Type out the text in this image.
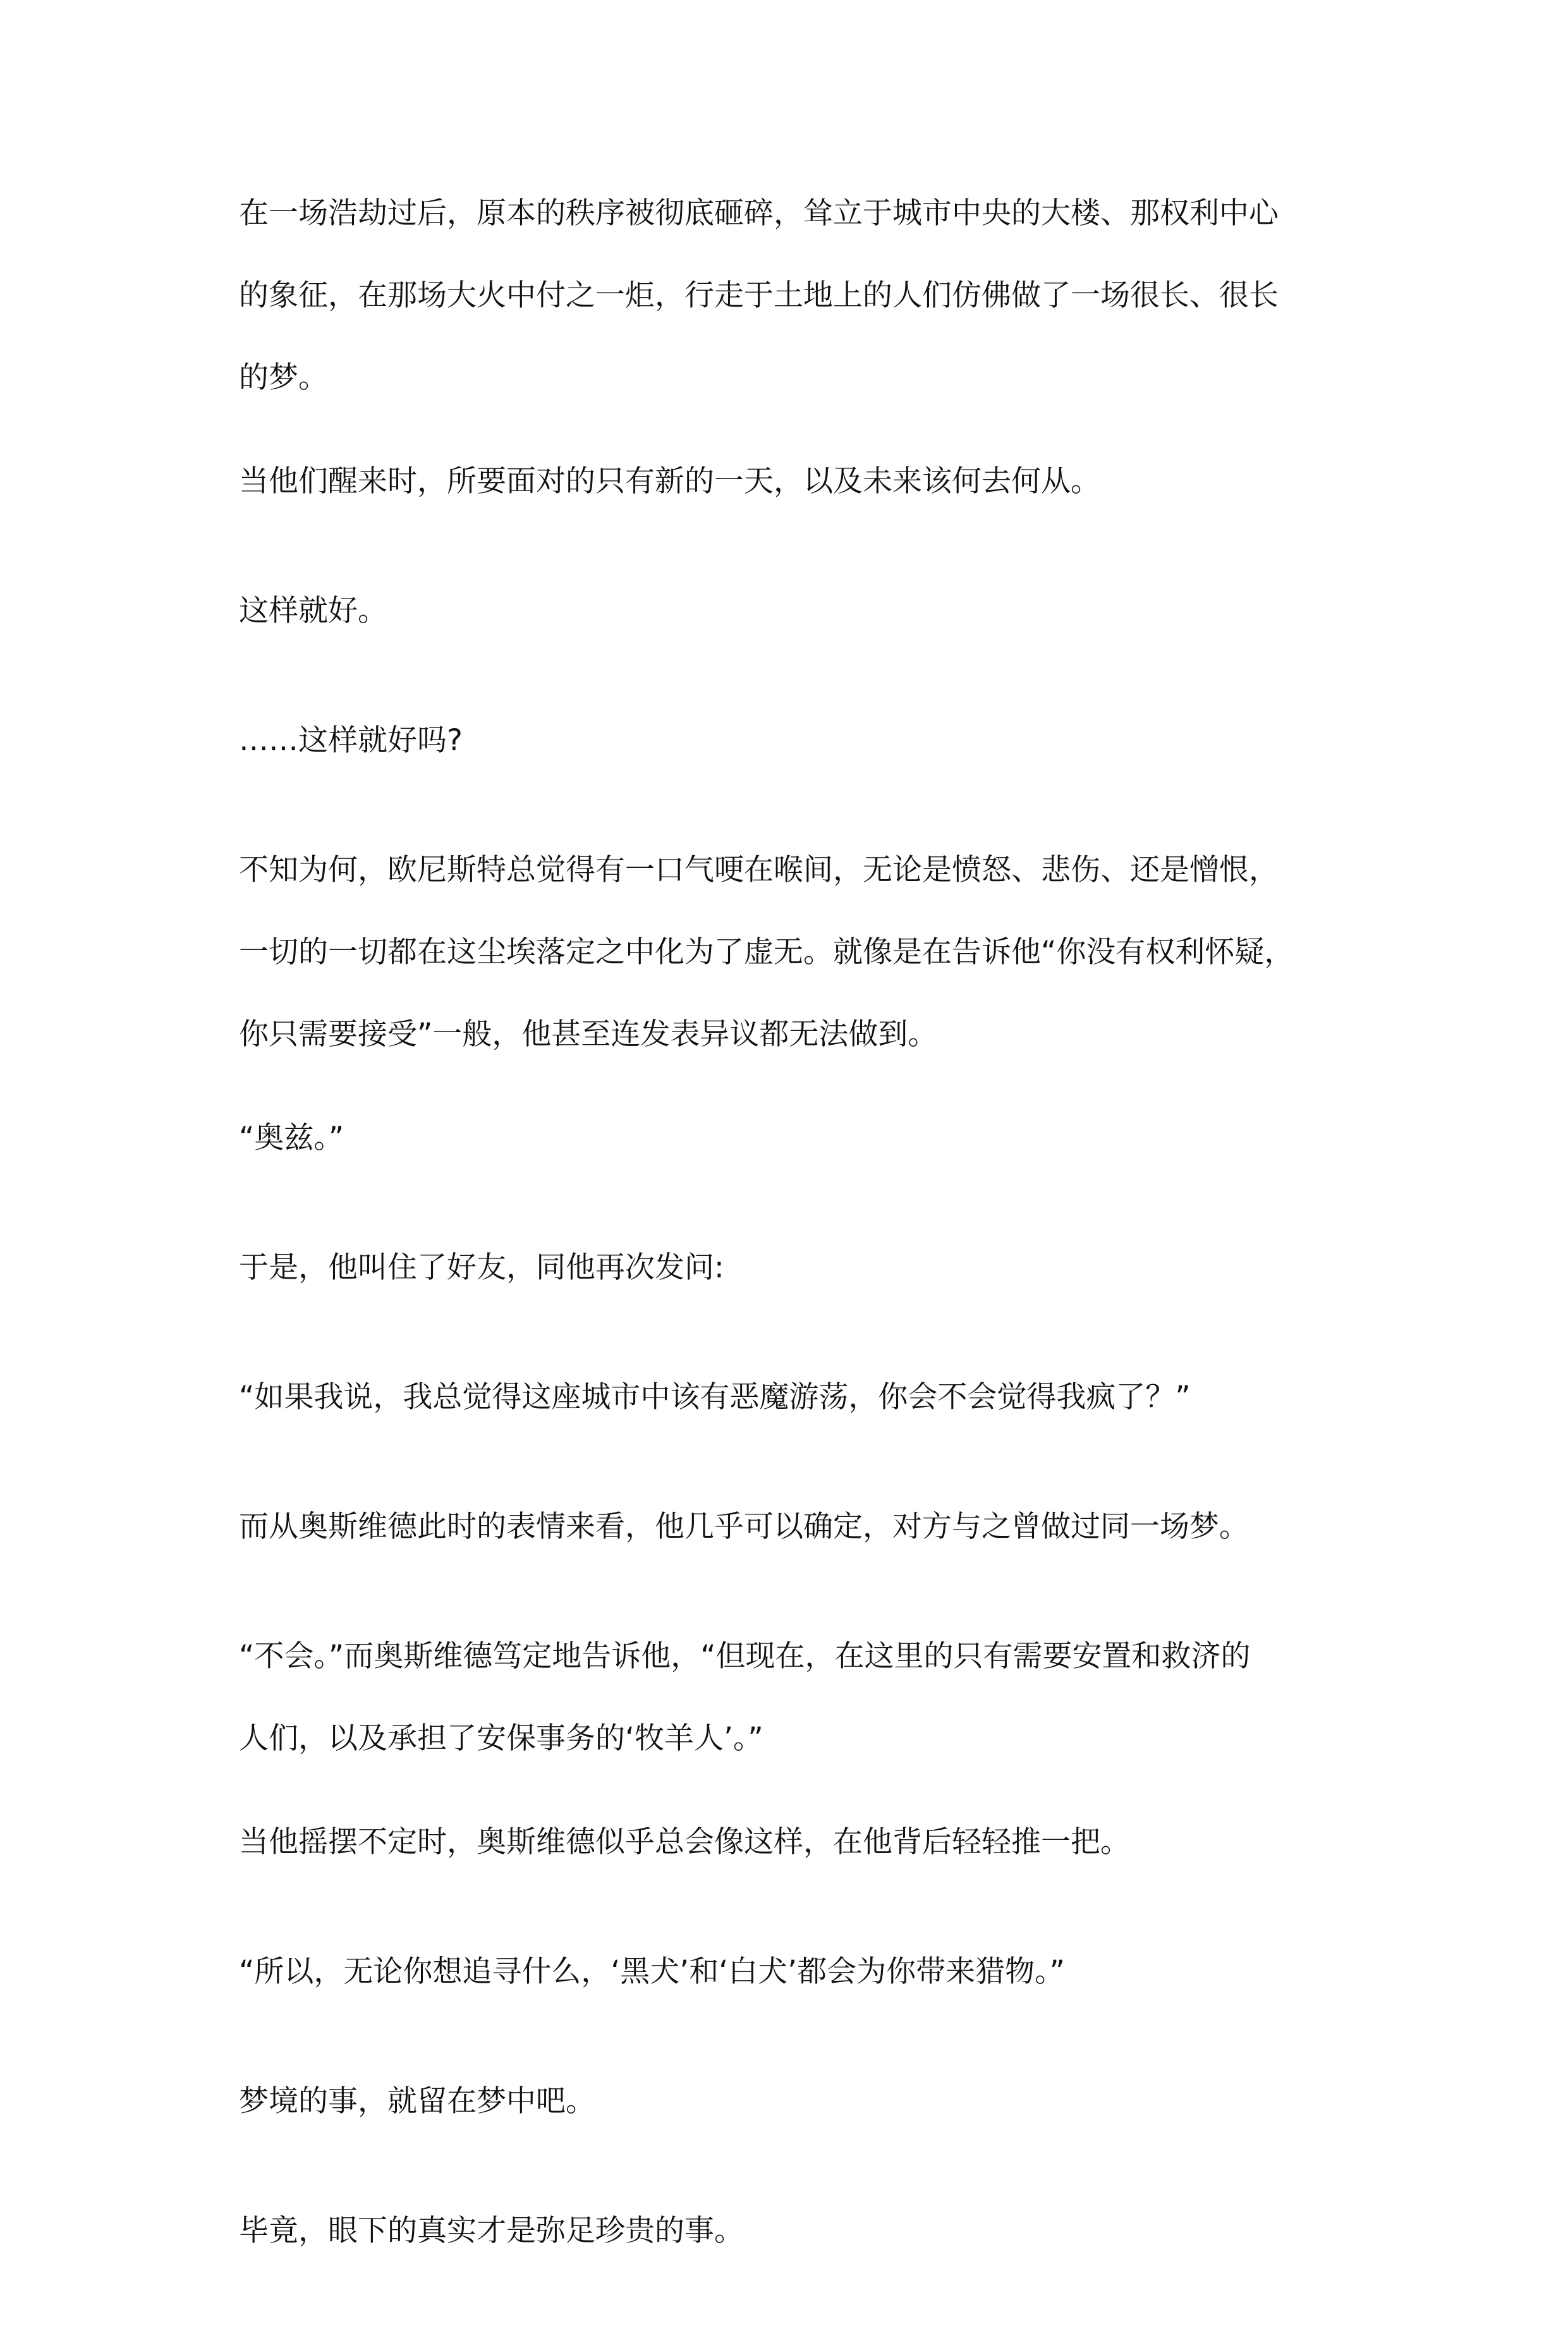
在一场浩劫过后，原本的秩序被彻底砸碎，耸立于城市中央的大楼、那权利中心
的象征，在那场大火中付之一炬，行走于土地上的人们仿佛做了一场很长、很长
的梦。
当他们醒来时，所要面对的只有新的一天，以及未来该何去何从。
这样就好。
……这样就好吗?
不知为何，欧尼斯特总觉得有一口气哽在喉间，无论是愤怒、悲伤、还是憎恨，
一切的一切都在这尘埃落定之中化为了虚无。就像是在告诉他“你没有权利怀疑，
你只需要接受”一般，他甚至连发表异议都无法做到。
“奥兹。”
于是，他叫住了好友，同他再次发问:
“如果我说，我总觉得这座城市中该有恶魔游荡，你会不会觉得我疯了？”
而从奥斯维德此时的表情来看，他几乎可以确定，对方与之曾做过同一场梦。
“不会。”而奥斯维德笃定地告诉他，“但现在，在这里的只有需要安置和救济的
人们，以及承担了安保事务的‘牧羊人’。”
当他摇摆不定时，奥斯维德似乎总会像这样，在他背后轻轻推一把。
“所以，无论你想追寻什么，‘黑犬’和‘白犬’都会为你带来猎物。”
梦境的事，就留在梦中吧。
毕竟，眼下的真实才是弥足珍贵的事。
